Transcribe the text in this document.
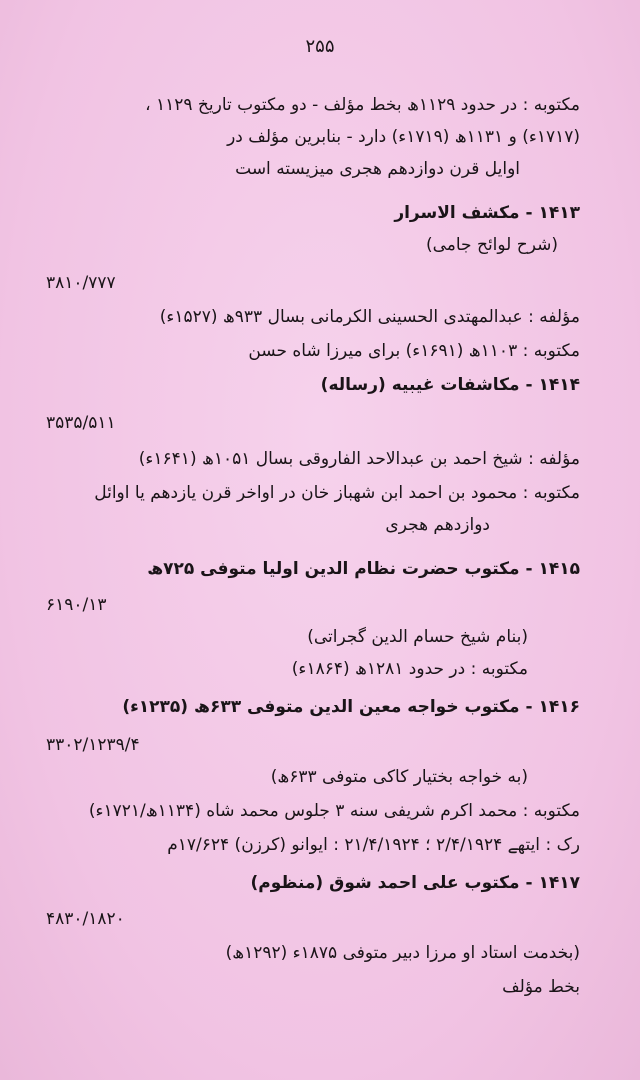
۲۵۵
مکتوبه : در حدود ۱۱۲۹ھ بخط مؤلف - دو مکتوب تاریخ ۱۱۲۹ ،
(۱۷۱۷ء) و ۱۱۳۱ھ (۱۷۱۹ء) دارد - بنابرین مؤلف در
اوایل قرن دوازدهم هجری میزیسته است
۱۴۱۳ - مکشف الاسرار
(شرح لوائح جامی)
۳۸۱۰/۷۷۷
مؤلفه : عبدالمهتدی الحسینی الکرمانی بسال ۹۳۳ھ (۱۵۲۷ء)
مکتوبه : ۱۱۰۳ھ (۱۶۹۱ء) برای میرزا شاه حسن
۱۴۱۴ - مکاشفات غیبیه (رساله)
۳۵۳۵/۵۱۱
مؤلفه : شیخ احمد بن عبدالاحد الفاروقی بسال ۱۰۵۱ھ (۱۶۴۱ء)
مکتوبه : محمود بن احمد ابن شهباز خان در اواخر قرن یازدهم یا اوائل
دوازدهم هجری
۱۴۱۵ - مکتوب حضرت نظام الدین اولیا متوفی ۷۲۵ھ
۶۱۹۰/۱۳
(بنام شیخ حسام الدین گجراتی)
مکتوبه : در حدود ۱۲۸۱ھ (۱۸۶۴ء)
۱۴۱۶ - مکتوب خواجه معین الدین متوفی ۶۳۳ھ (۱۲۳۵ء)
۳۳۰۲/۱۲۳۹/۴
(به خواجه بختیار کاکی متوفی ۶۳۳ھ)
مکتوبه : محمد اکرم شریفی سنه ۳ جلوس محمد شاه (۱۱۳۴ھ/۱۷۲۱ء)
رک : ایتهے ۲/۴/۱۹۲۴ ؛ ۲۱/۴/۱۹۲۴ : ایوانو (کرزن) ۱۷/۶۲۴م
۱۴۱۷ - مکتوب علی احمد شوق (منظوم)
۴۸۳۰/۱۸۲۰
(بخدمت استاد او مرزا دبیر متوفی ۱۸۷۵ء (۱۲۹۲ھ)
بخط مؤلف
